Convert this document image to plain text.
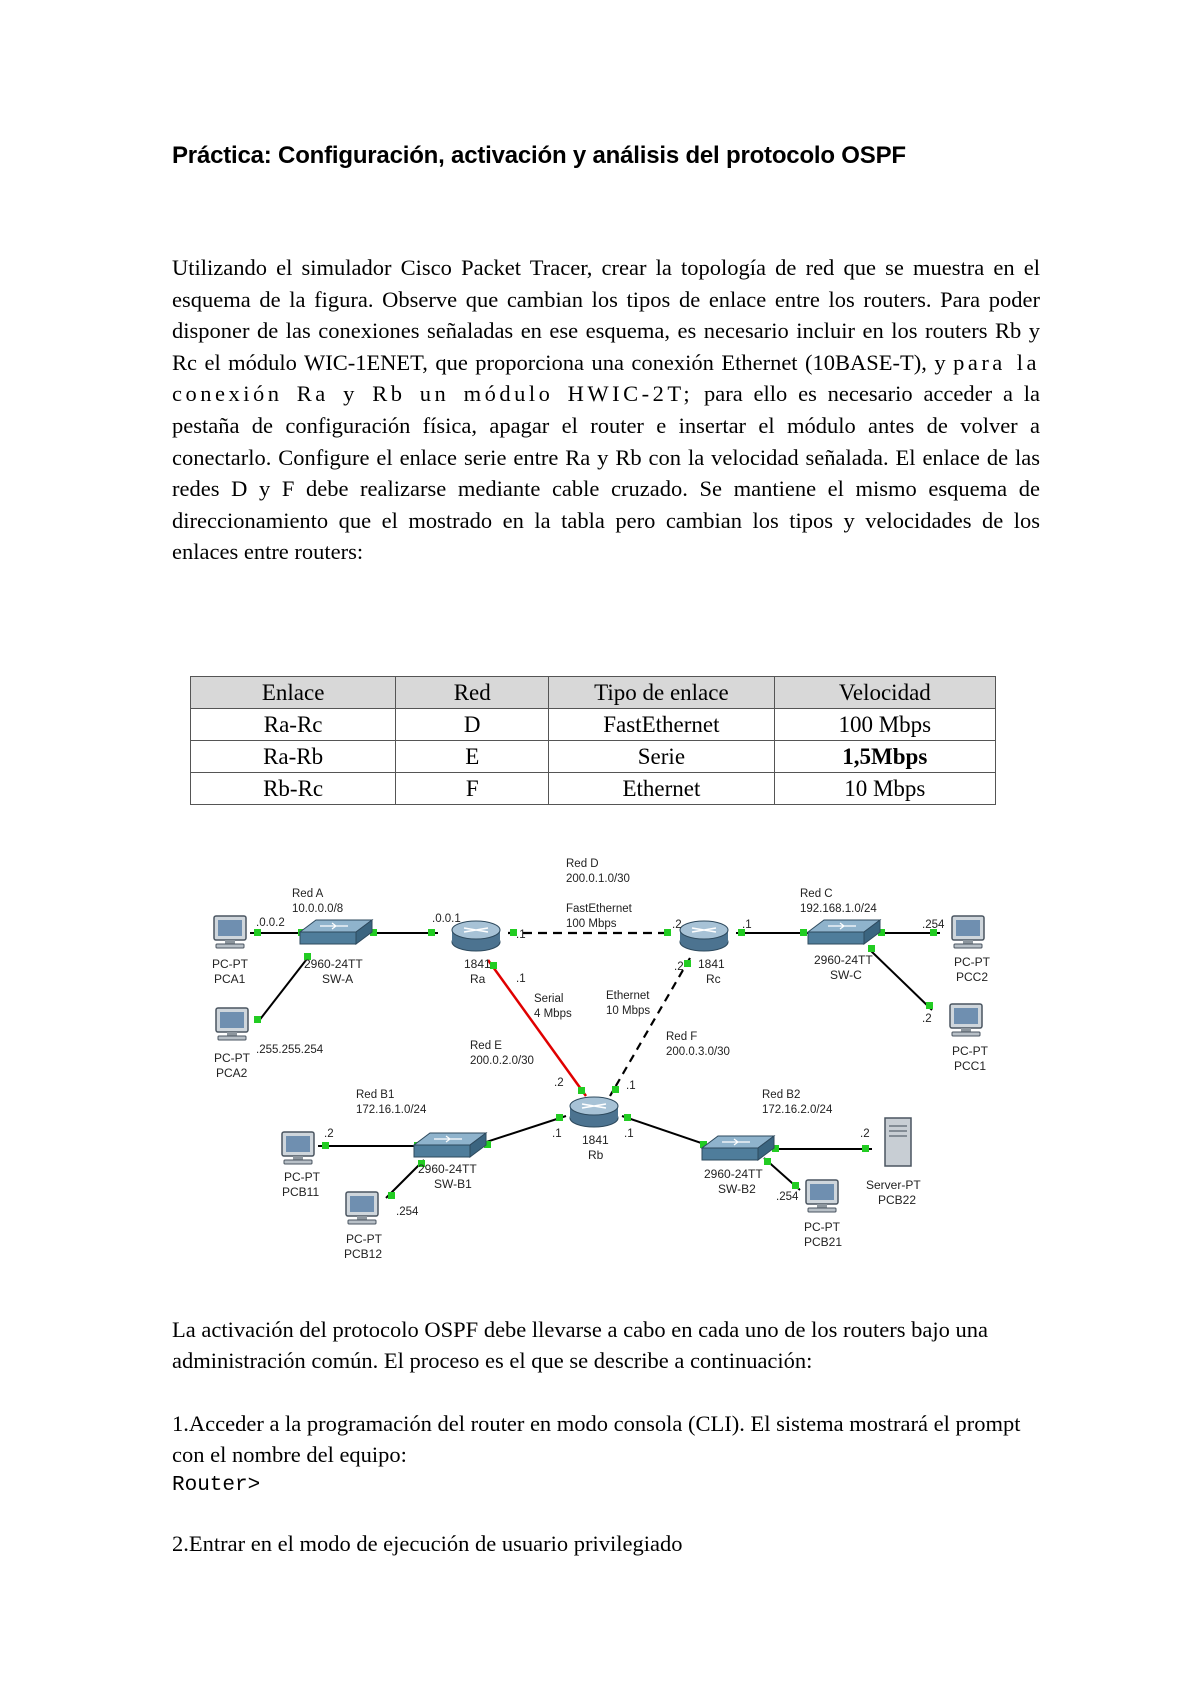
Práctica: Configuración, activación y análisis del protocolo OSPF
Utilizando el simulador Cisco Packet Tracer, crear la topología de red que se muestra en el esquema de la figura. Observe que cambian los tipos de enlace entre los routers. Para poder disponer de las conexiones señaladas en ese esquema, es necesario incluir en los routers Rb y Rc el módulo WIC-1ENET, que proporciona una conexión Ethernet (10BASE-T), y para la conexión Ra y Rb un módulo HWIC-2T; para ello es necesario acceder a la pestaña de configuración física, apagar el router e insertar el módulo antes de volver a conectarlo. Configure el enlace serie entre Ra y Rb con la velocidad señalada. El enlace de las redes D y F debe realizarse mediante cable cruzado. Se mantiene el mismo esquema de direccionamiento que el mostrado en la tabla pero cambian los tipos y velocidades de los enlaces entre routers:
Enlace	Red	Tipo de enlace	Velocidad
Ra-Rc	D	FastEthernet	100 Mbps
Ra-Rb	E	Serie	1,5Mbps
Rb-Rc	F	Ethernet	10 Mbps
Red A
10.0.0.0/8
Red D
200.0.1.0/30
FastEthernet
100 Mbps
Red C
192.168.1.0/24
Serial
4 Mbps
Ethernet
10 Mbps
Red E
200.0.2.0/30
Red F
200.0.3.0/30
Red B1
172.16.1.0/24
Red B2
172.16.2.0/24
.0.0.2
.255.255.254
.0.0.1
.1
.1
.2
.2
.1	.254
.2
.2	.1
.1	.1
.2
.254
.2
.254
PC-PT
PCA1
PC-PT
PCA2
2960-24TT
SW-A
1841
Ra
1841
Rc
2960-24TT
SW-C
PC-PT
PCC2
PC-PT
PCC1
1841
Rb
2960-24TT
SW-B1
PC-PT
PCB11
PC-PT
PCB12
2960-24TT
SW-B2	Server-PT
PCB22
PC-PT
PCB21
La activación del protocolo OSPF debe llevarse a cabo en cada uno de los routers bajo una administración común. El proceso es el que se describe a continuación:
1.Acceder a la programación del router en modo consola (CLI). El sistema mostrará el prompt con el nombre del equipo:
Router>
2.Entrar en el modo de ejecución de usuario privilegiado
